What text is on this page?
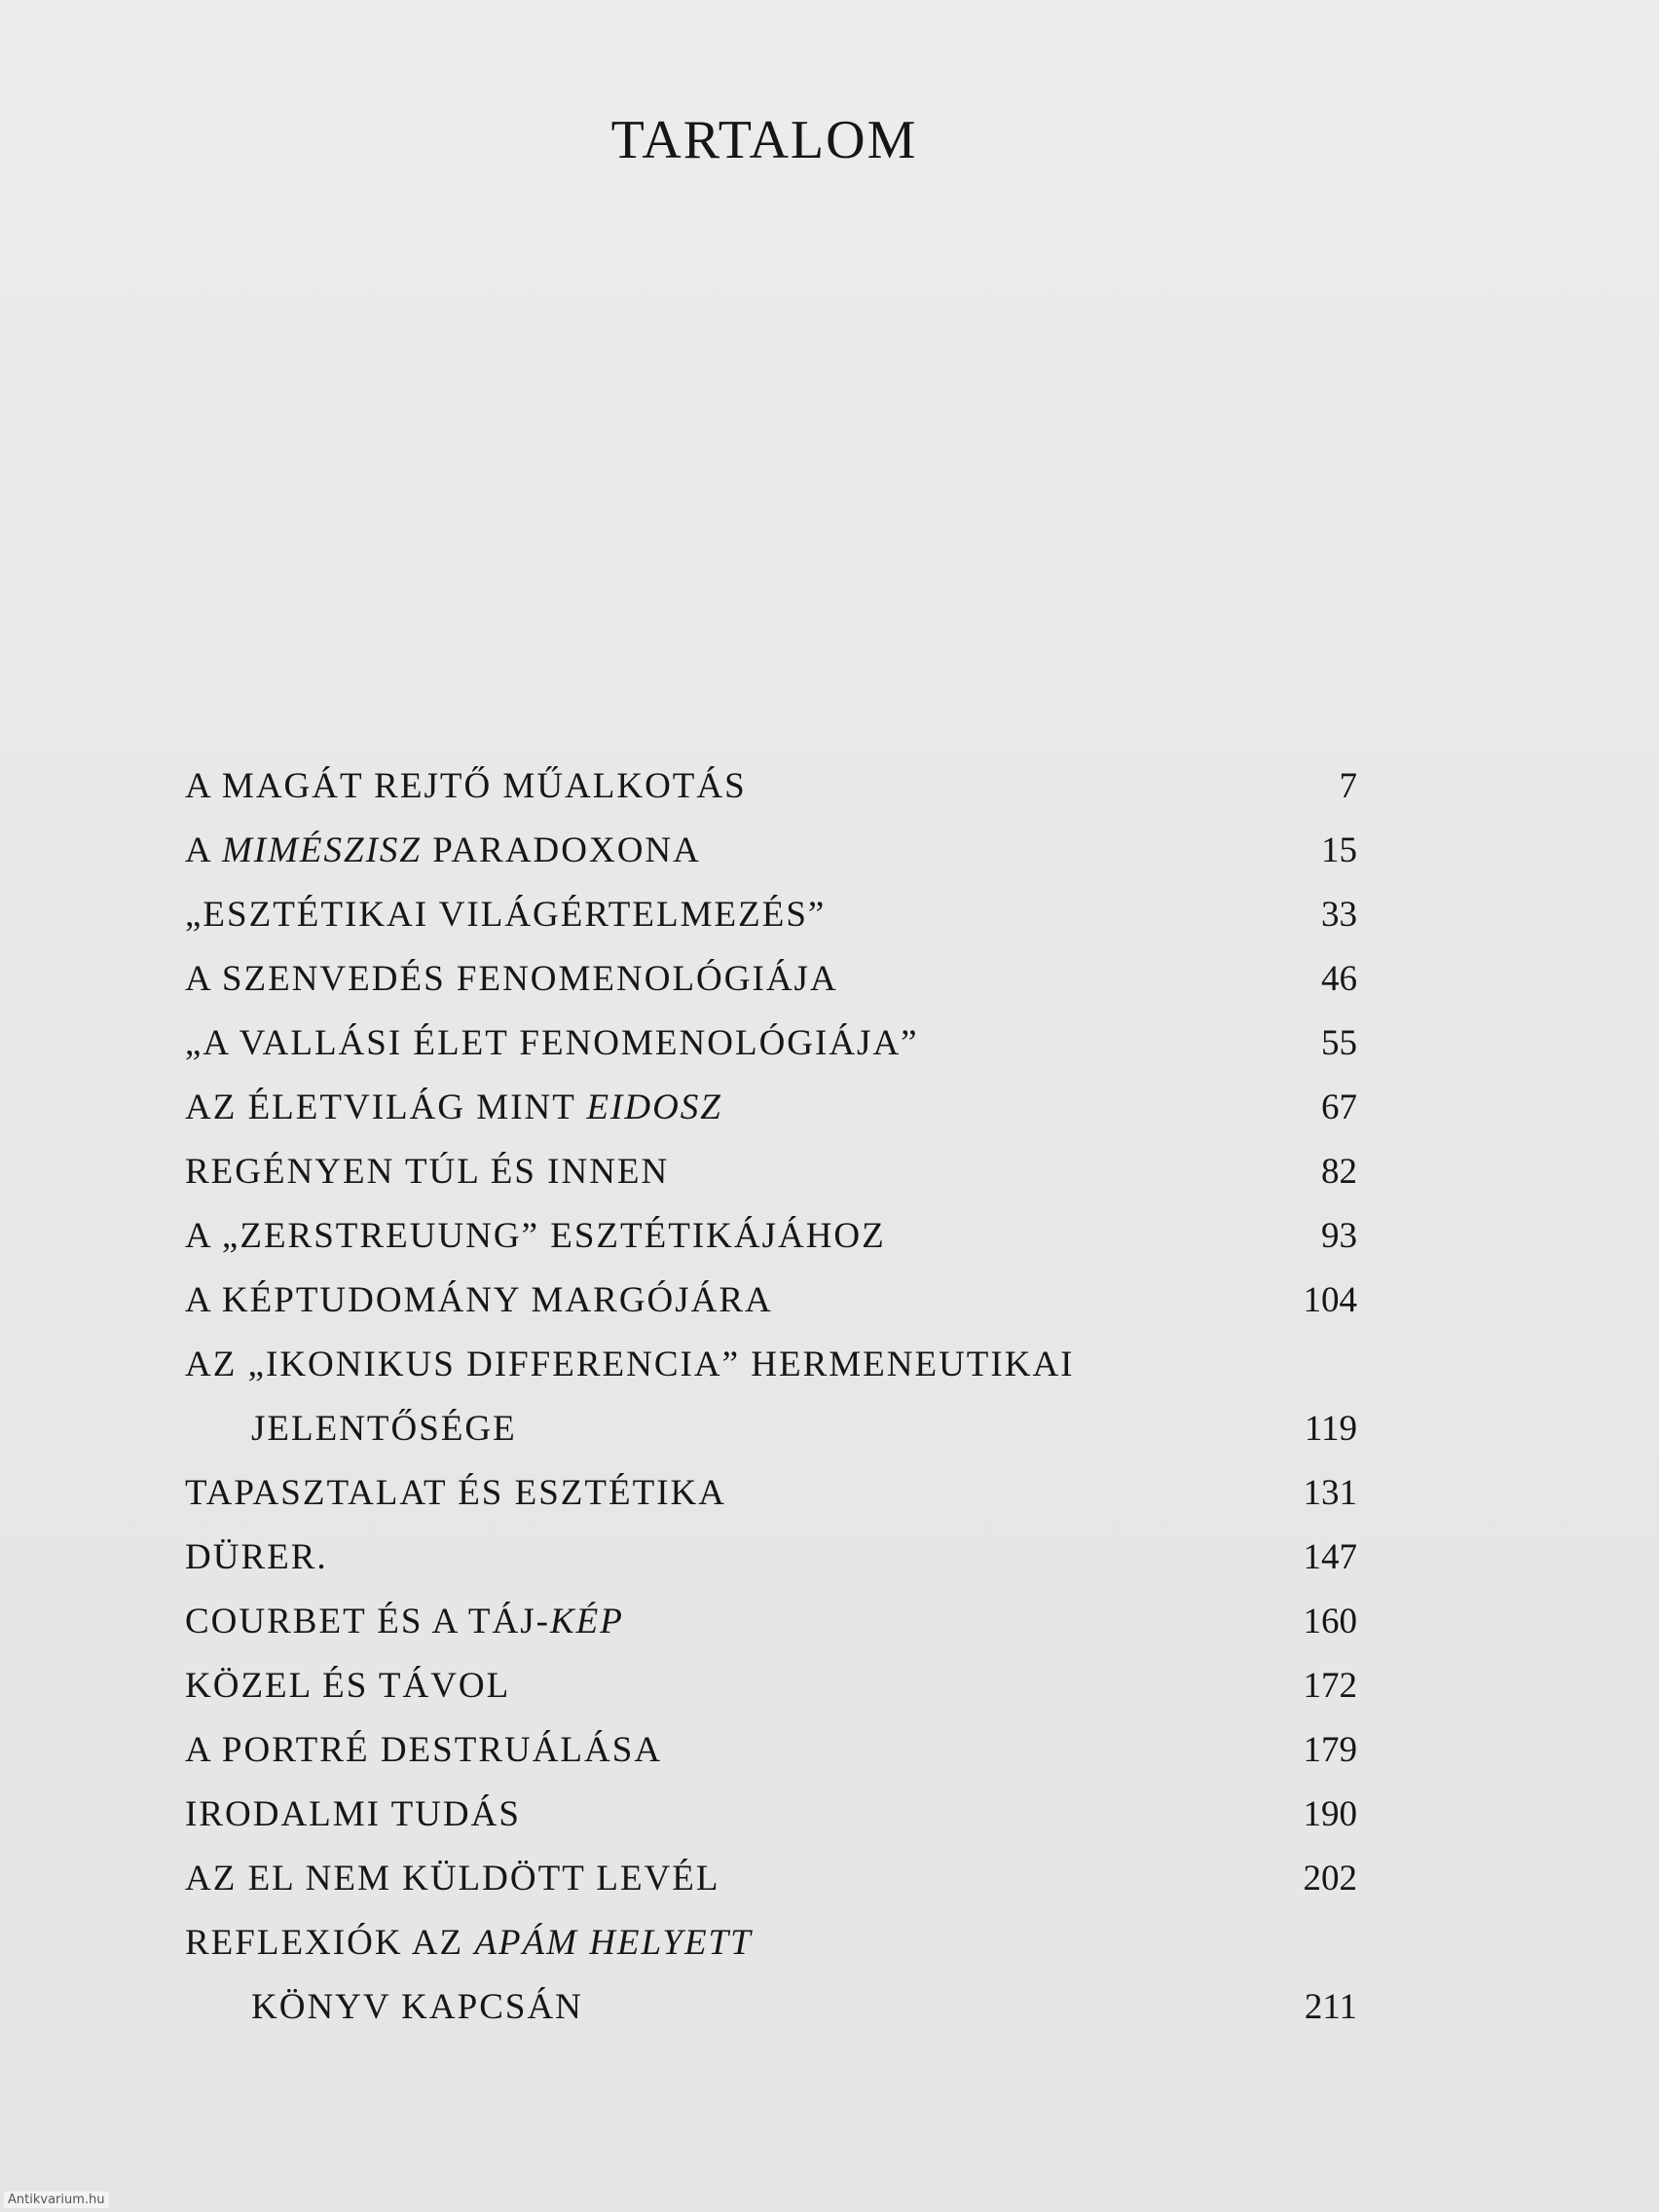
TARTALOM
A MAGÁT REJTŐ MŰALKOTÁS	7
A MIMÉSZISZ PARADOXONA	15
„ESZTÉTIKAI VILÁGÉRTELMEZÉS”	33
A SZENVEDÉS FENOMENOLÓGIÁJA	46
„A VALLÁSI ÉLET FENOMENOLÓGIÁJA”	55
AZ ÉLETVILÁG MINT EIDOSZ	67
REGÉNYEN TÚL ÉS INNEN	82
A „ZERSTREUUNG” ESZTÉTIKÁJÁHOZ	93
A KÉPTUDOMÁNY MARGÓJÁRA	104
AZ „IKONIKUS DIFFERENCIA” HERMENEUTIKAI
JELENTŐSÉGE	119
TAPASZTALAT ÉS ESZTÉTIKA	131
DÜRER.	147
COURBET ÉS A TÁJ-KÉP	160
KÖZEL ÉS TÁVOL	172
A PORTRÉ DESTRUÁLÁSA	179
IRODALMI TUDÁS	190
AZ EL NEM KÜLDÖTT LEVÉL	202
REFLEXIÓK AZ APÁM HELYETT
KÖNYV KAPCSÁN	211
Antikvarium.hu
